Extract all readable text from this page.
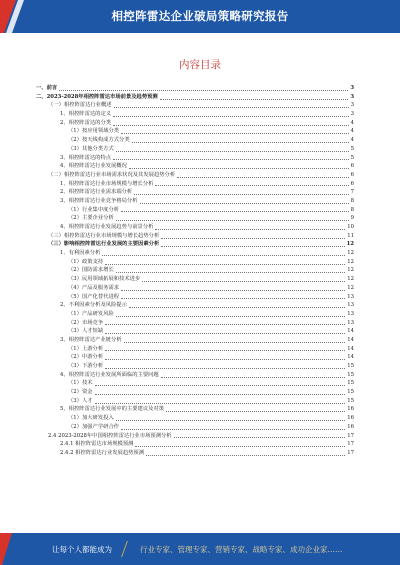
相控阵雷达企业破局策略研究报告
内容目录
一、前言	3
二、2023-2028年相控阵雷达市场前景及趋势预测	3
（一）相控阵雷达行业概述	3
1、相控阵雷达的定义	3
2、相控阵雷达的分类	4
（1）按应用领域分类	4
（2）按天线构成方式分类	4
（3）其他分类方式	5
3、相控阵雷达的特点	5
4、相控阵雷达行业发展概况	6
（二）相控阵雷达行业市场需求状况及其发展趋势分析	6
1、相控阵雷达行业市场规模与增长分析	6
2、相控阵雷达行业需求端分析	7
3、相控阵雷达行业竞争格局分析	8
（1）行业集中度分析	8
（2）主要企业分析	9
4、相控阵雷达行业发展趋势与前景分析	10
（三）相控阵雷达行业市场规模与增长趋势分析	11
（三）影响相控阵雷达行业发展的主要因素分析	12
1、有利因素分析	12
（1）政策支持	12
（2）国防需求增长	12
（3）民用领域拓展和技术进步	12
（4）产品及服务需求	12
（5）国产化替代进程	13
2、不利因素分析及风险提示	13
（1）产品研发风险	13
（2）市场竞争	13
（3）人才短缺	14
3、相控阵雷达产业链分析	14
（1）上游分析	14
（2）中游分析	14
（3）下游分析	15
4、相控阵雷达行业发展所面临的主要问题	15
（1）技术	15
（2）资金	15
（3）人才	15
5、相控阵雷达行业发展中的主要建议及对策	16
（1）加大研发投入	16
（2）加强产学研合作	16
2.4 2023-2028年中国相控阵雷达行业市场预测分析	17
2.4.1 相控阵雷达市场规模预测	17
2.4.2 相控阵雷达行业发展趋势预测	17
让每个人都能成为	行业专家、管理专家、营销专家、战略专家、成功企业家……
